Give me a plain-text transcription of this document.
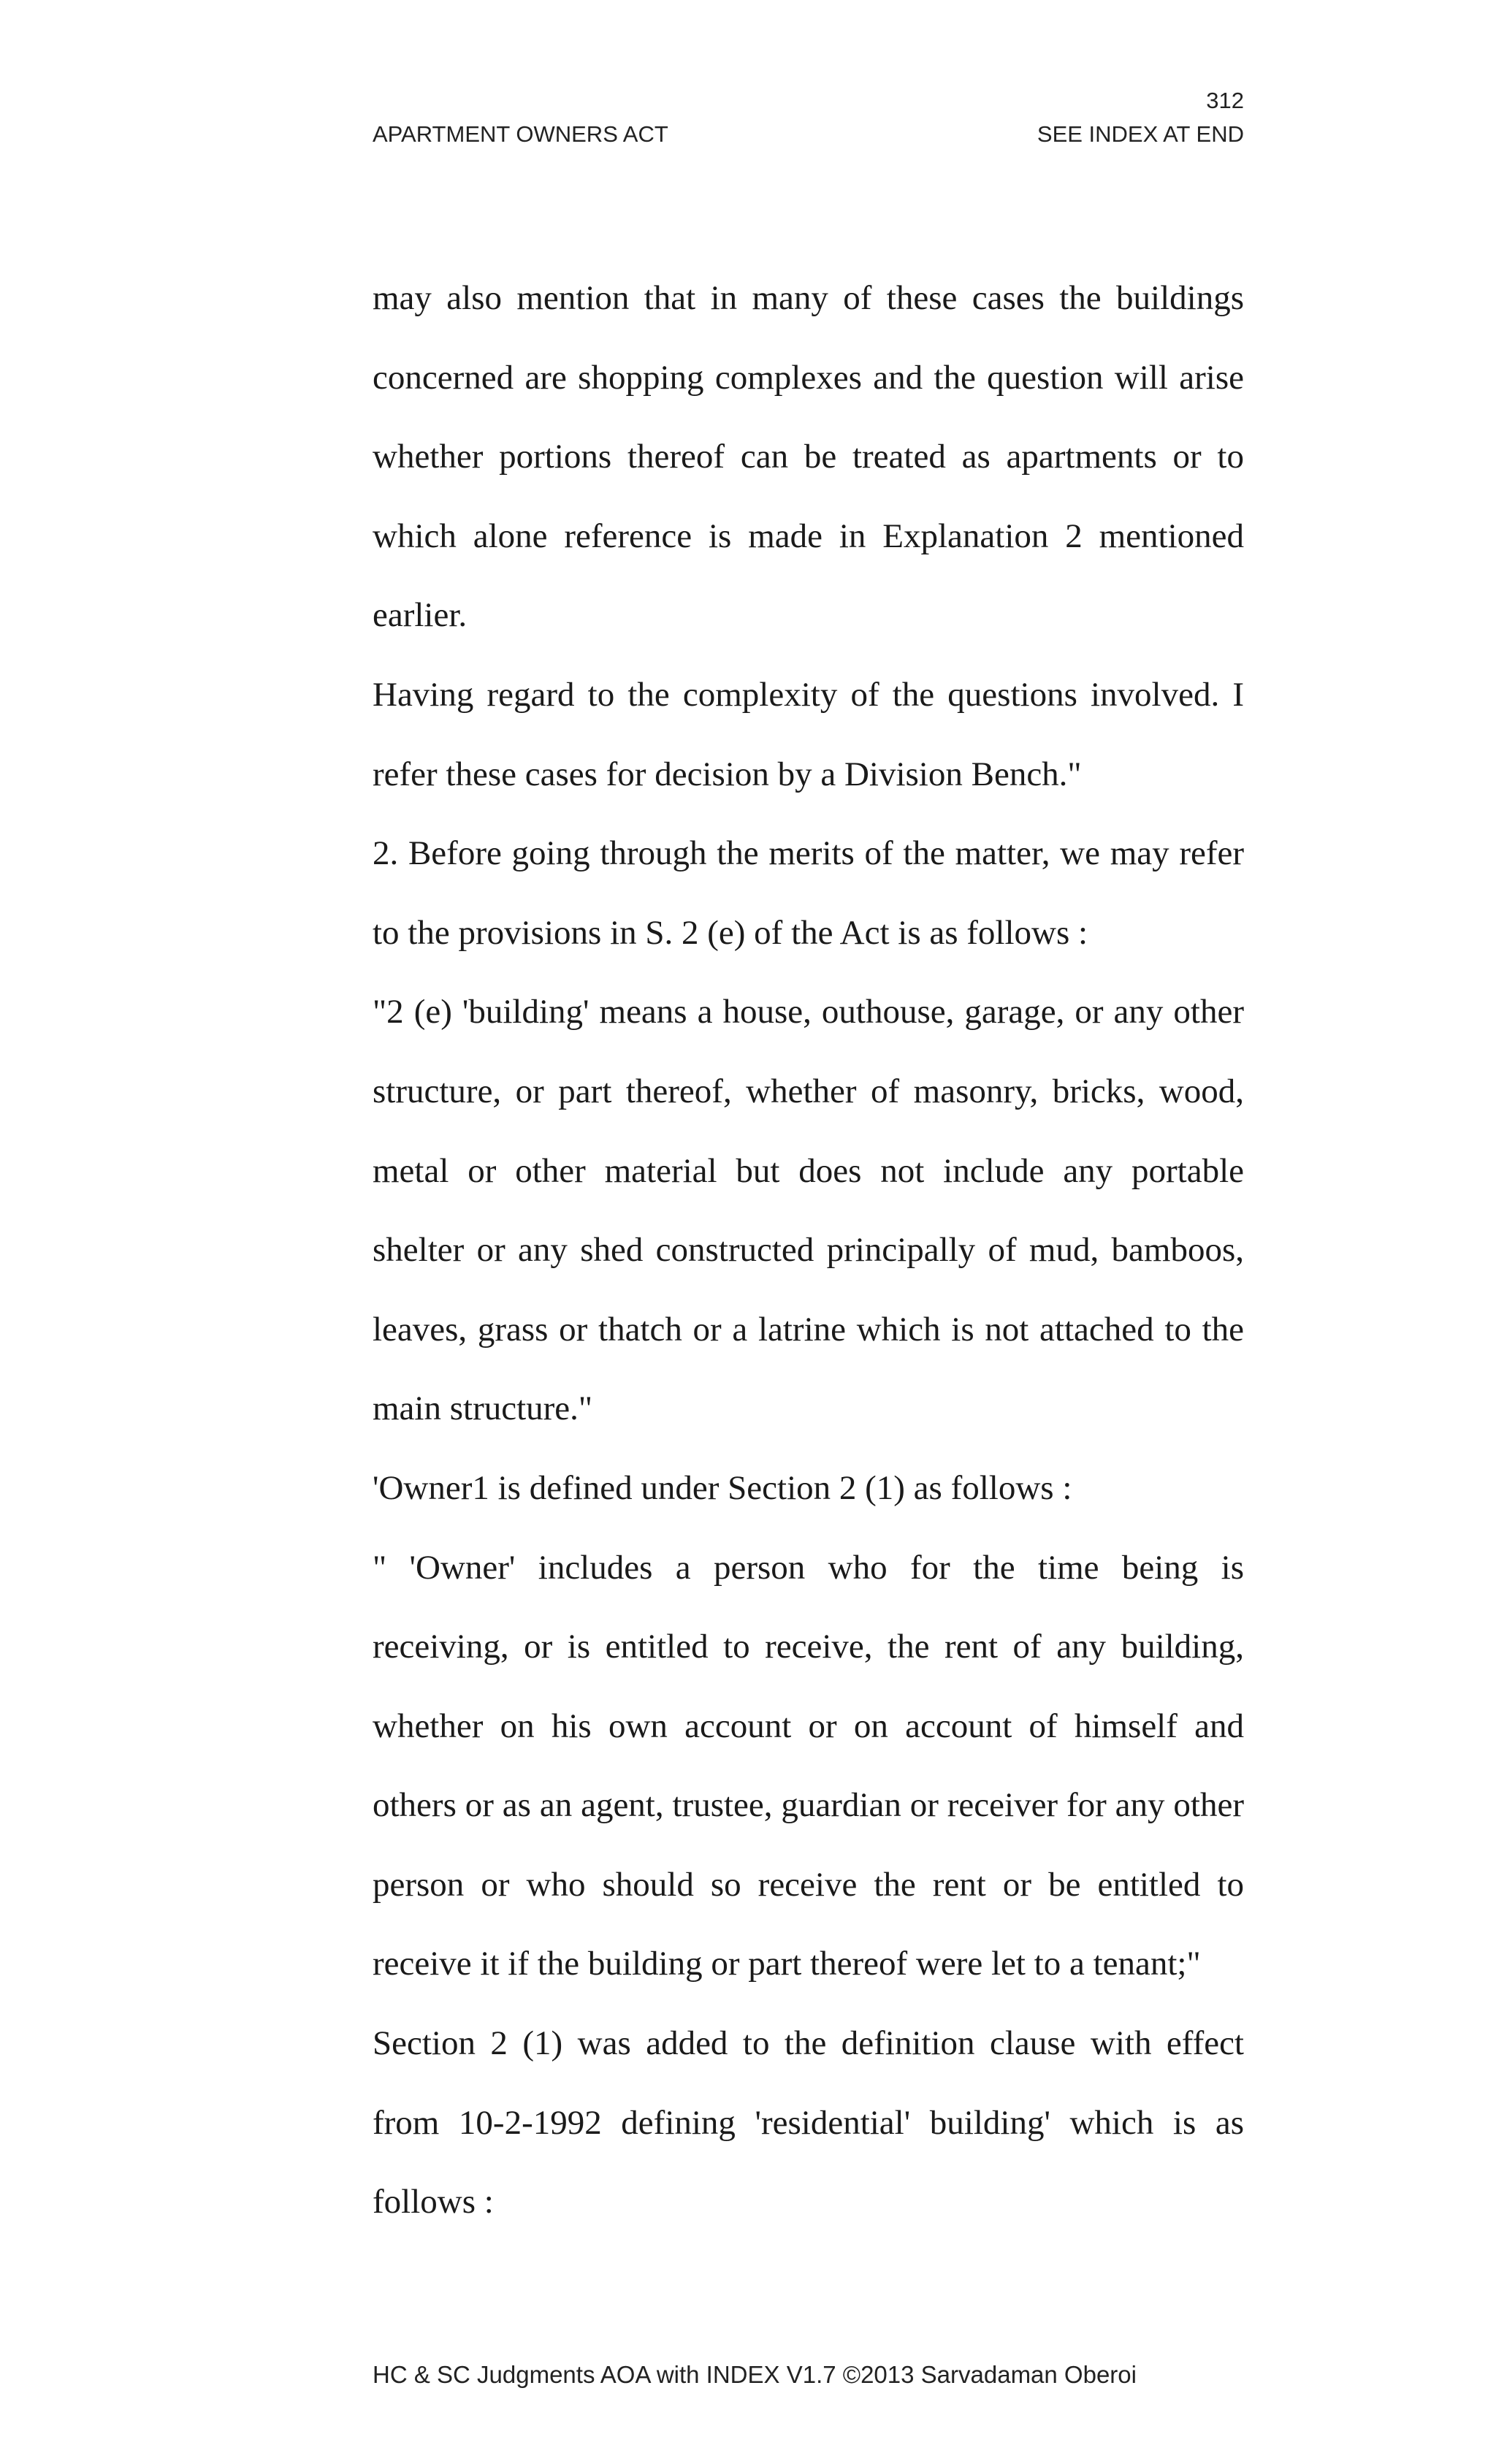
312
APARTMENT OWNERS ACT	SEE INDEX AT END

may also mention that in many of these cases the buildings concerned are shopping complexes and the question will arise whether portions thereof can be treated as apartments or to which alone reference is made in Explanation 2 mentioned earlier.

Having regard to the complexity of the questions involved. I refer these cases for decision by a Division Bench."

2. Before going through the merits of the matter, we may refer to the provisions in S. 2 (e) of the Act is as follows :

"2 (e) 'building' means a house, outhouse, garage, or any other structure, or part thereof, whether of masonry, bricks, wood, metal or other material but does not include any portable shelter or any shed constructed principally of mud, bamboos, leaves, grass or thatch or a latrine which is not attached to the main structure."

'Owner1 is defined under Section 2 (1) as follows :

" 'Owner' includes a person who for the time being is receiving, or is entitled to receive, the rent of any building, whether on his own account or on account of himself and others or as an agent, trustee, guardian or receiver for any other person or who should so receive the rent or be entitled to receive it if the building or part thereof were let to a tenant;"

Section 2 (1) was added to the definition clause with effect from 10-2-1992 defining 'residential' building' which is as follows :

HC & SC Judgments AOA with INDEX V1.7 ©2013 Sarvadaman Oberoi
